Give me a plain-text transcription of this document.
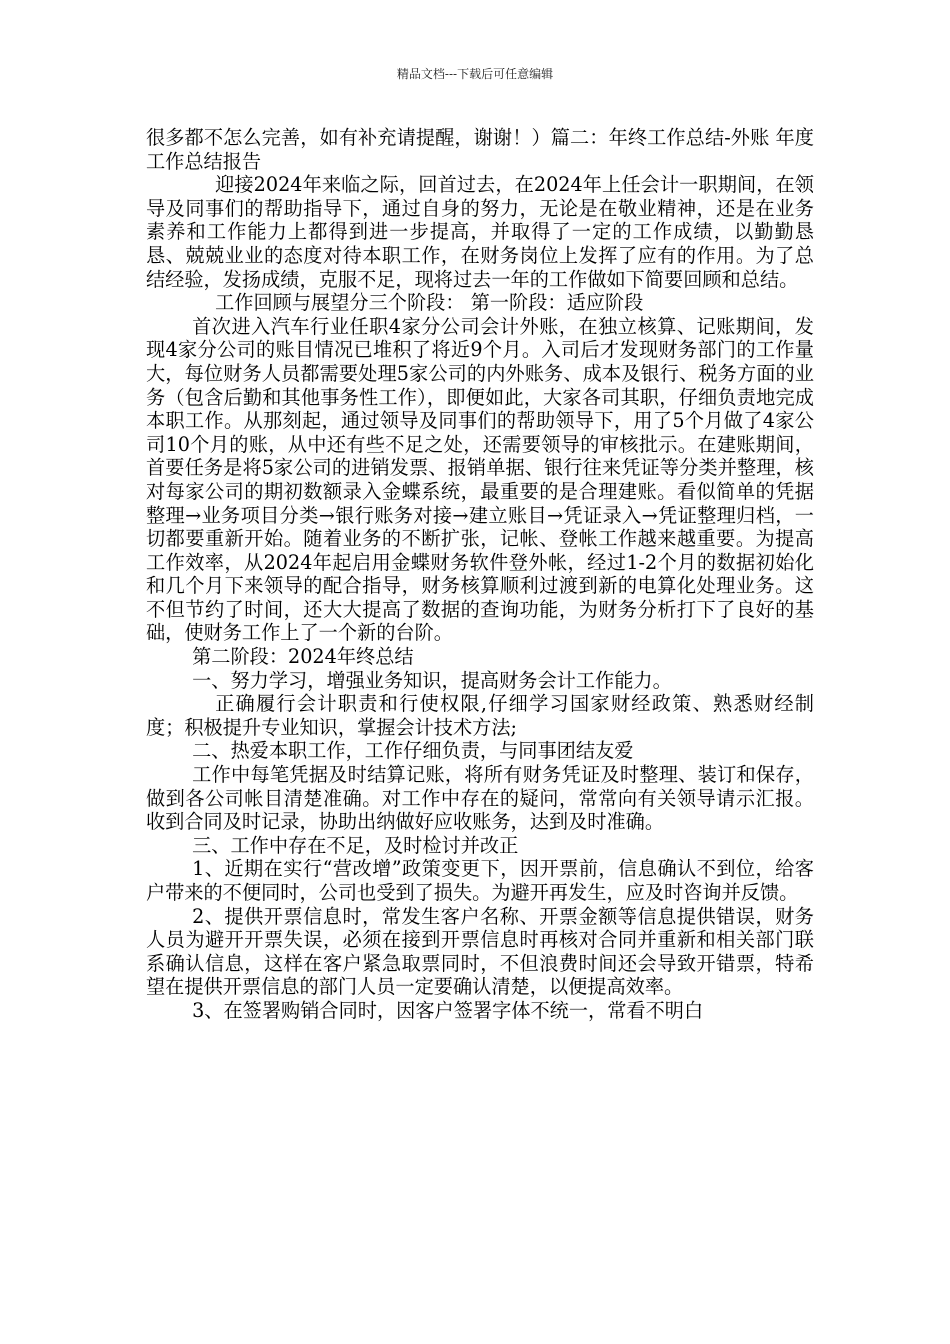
精品文档---下载后可任意编辑

很多都不怎么完善，如有补充请提醒，谢谢！）篇二：年终工作总结-外账 年度工作总结报告

迎接2024年来临之际，回首过去，在2024年上任会计一职期间，在领导及同事们的帮助指导下，通过自身的努力，无论是在敬业精神，还是在业务素养和工作能力上都得到进一步提高，并取得了一定的工作成绩，以勤勤恳恳、兢兢业业的态度对待本职工作，在财务岗位上发挥了应有的作用。为了总结经验，发扬成绩，克服不足，现将过去一年的工作做如下简要回顾和总结。

工作回顾与展望分三个阶段： 第一阶段：适应阶段

首次进入汽车行业任职4家分公司会计外账，在独立核算、记账期间，发现4家分公司的账目情况已堆积了将近9个月。入司后才发现财务部门的工作量大，每位财务人员都需要处理5家公司的内外账务、成本及银行、税务方面的业务（包含后勤和其他事务性工作），即便如此，大家各司其职，仔细负责地完成本职工作。从那刻起，通过领导及同事们的帮助领导下，用了5个月做了4家公司10个月的账，从中还有些不足之处，还需要领导的审核批示。在建账期间，首要任务是将5家公司的进销发票、报销单据、银行往来凭证等分类并整理，核对每家公司的期初数额录入金蝶系统，最重要的是合理建账。看似简单的凭据整理→业务项目分类→银行账务对接→建立账目→凭证录入→凭证整理归档，一切都要重新开始。随着业务的不断扩张，记帐、登帐工作越来越重要。为提高工作效率，从2024年起启用金蝶财务软件登外帐，经过1-2个月的数据初始化和几个月下来领导的配合指导，财务核算顺利过渡到新的电算化处理业务。这不但节约了时间，还大大提高了数据的查询功能，为财务分析打下了良好的基础，使财务工作上了一个新的台阶。

第二阶段：2024年终总结

一、努力学习，增强业务知识，提高财务会计工作能力。

正确履行会计职责和行使权限,仔细学习国家财经政策、熟悉财经制度；积极提升专业知识，掌握会计技术方法;

二、热爱本职工作，工作仔细负责，与同事团结友爱

工作中每笔凭据及时结算记账，将所有财务凭证及时整理、装订和保存，做到各公司帐目清楚准确。对工作中存在的疑问，常常向有关领导请示汇报。 收到合同及时记录，协助出纳做好应收账务，达到及时准确。

三、工作中存在不足，及时检讨并改正

1、近期在实行“营改增”政策变更下，因开票前，信息确认不到位，给客户带来的不便同时，公司也受到了损失。为避开再发生，应及时咨询并反馈。

2、提供开票信息时，常发生客户名称、开票金额等信息提供错误，财务人员为避开开票失误，必须在接到开票信息时再核对合同并重新和相关部门联系确认信息，这样在客户紧急取票同时，不但浪费时间还会导致开错票，特希望在提供开票信息的部门人员一定要确认清楚，以便提高效率。

3、在签署购销合同时，因客户签署字体不统一，常看不明白
